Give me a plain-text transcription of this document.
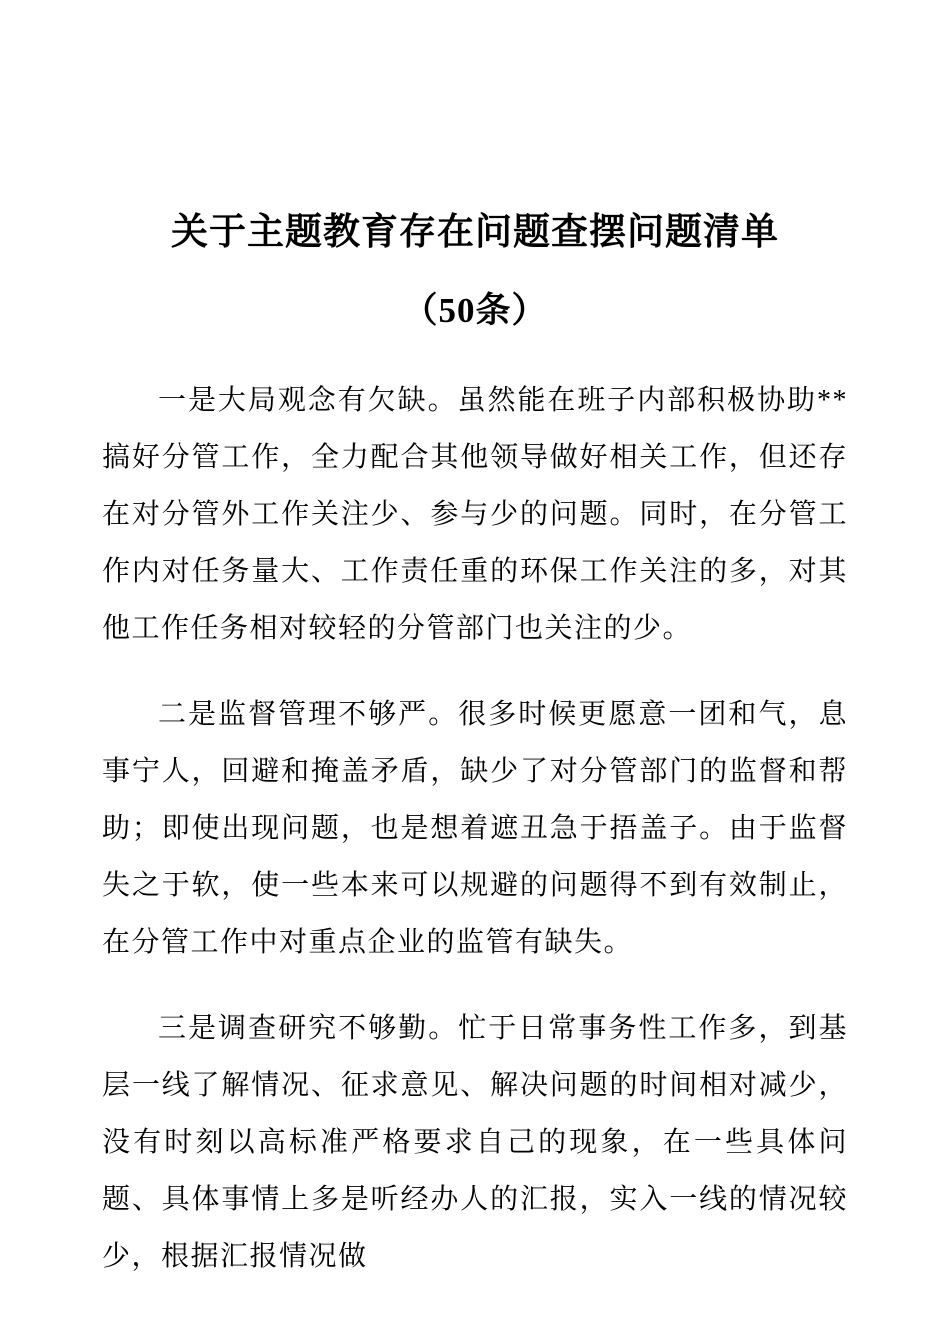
关于主题教育存在问题查摆问题清单
（50条）

一是大局观念有欠缺。虽然能在班子内部积极协助**搞好分管工作，全力配合其他领导做好相关工作，但还存在对分管外工作关注少、参与少的问题。同时，在分管工作内对任务量大、工作责任重的环保工作关注的多，对其他工作任务相对较轻的分管部门也关注的少。

二是监督管理不够严。很多时候更愿意一团和气，息事宁人，回避和掩盖矛盾，缺少了对分管部门的监督和帮助；即使出现问题，也是想着遮丑急于捂盖子。由于监督失之于软，使一些本来可以规避的问题得不到有效制止，在分管工作中对重点企业的监管有缺失。

三是调查研究不够勤。忙于日常事务性工作多，到基层一线了解情况、征求意见、解决问题的时间相对减少，没有时刻以高标准严格要求自己的现象，在一些具体问题、具体事情上多是听经办人的汇报，实入一线的情况较少，根据汇报情况做
